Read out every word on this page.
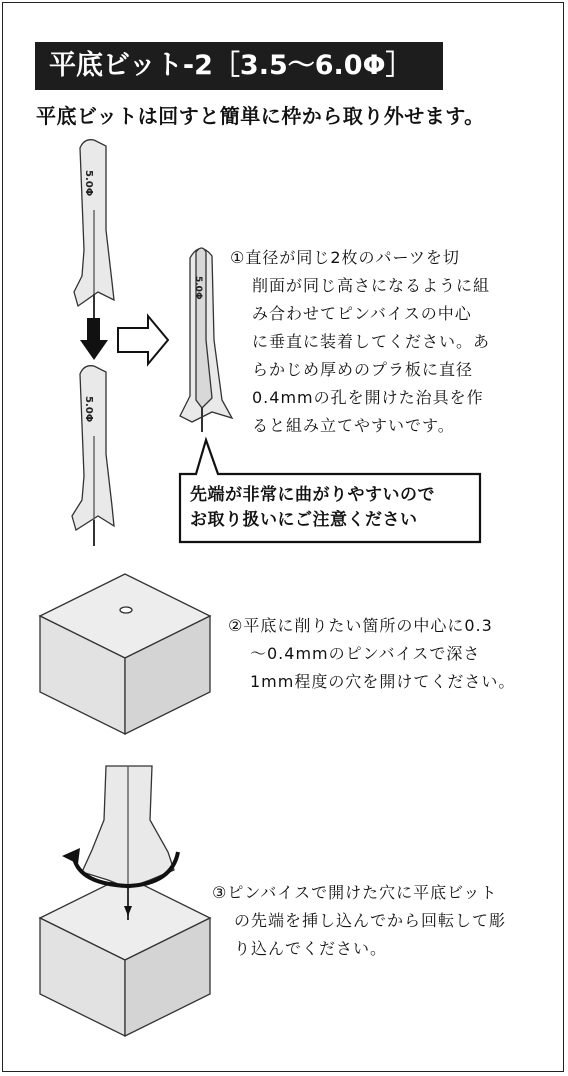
平底ビット-2［3.5〜6.0Φ］
平底ビットは回すと簡単に枠から取り外せます。
5.0Φ
5.0Φ
5.0Φ
①直径が同じ2枚のパーツを切
削面が同じ高さになるように組
み合わせてピンバイスの中心
に垂直に装着してください。あ
らかじめ厚めのプラ板に直径
0.4mmの孔を開けた治具を作
ると組み立てやすいです。
先端が非常に曲がりやすいので
お取り扱いにご注意ください
②平底に削りたい箇所の中心に0.3
〜0.4mmのピンバイスで深さ
1mm程度の穴を開けてください。
③ピンバイスで開けた穴に平底ビット
の先端を挿し込んでから回転して彫
り込んでください。
